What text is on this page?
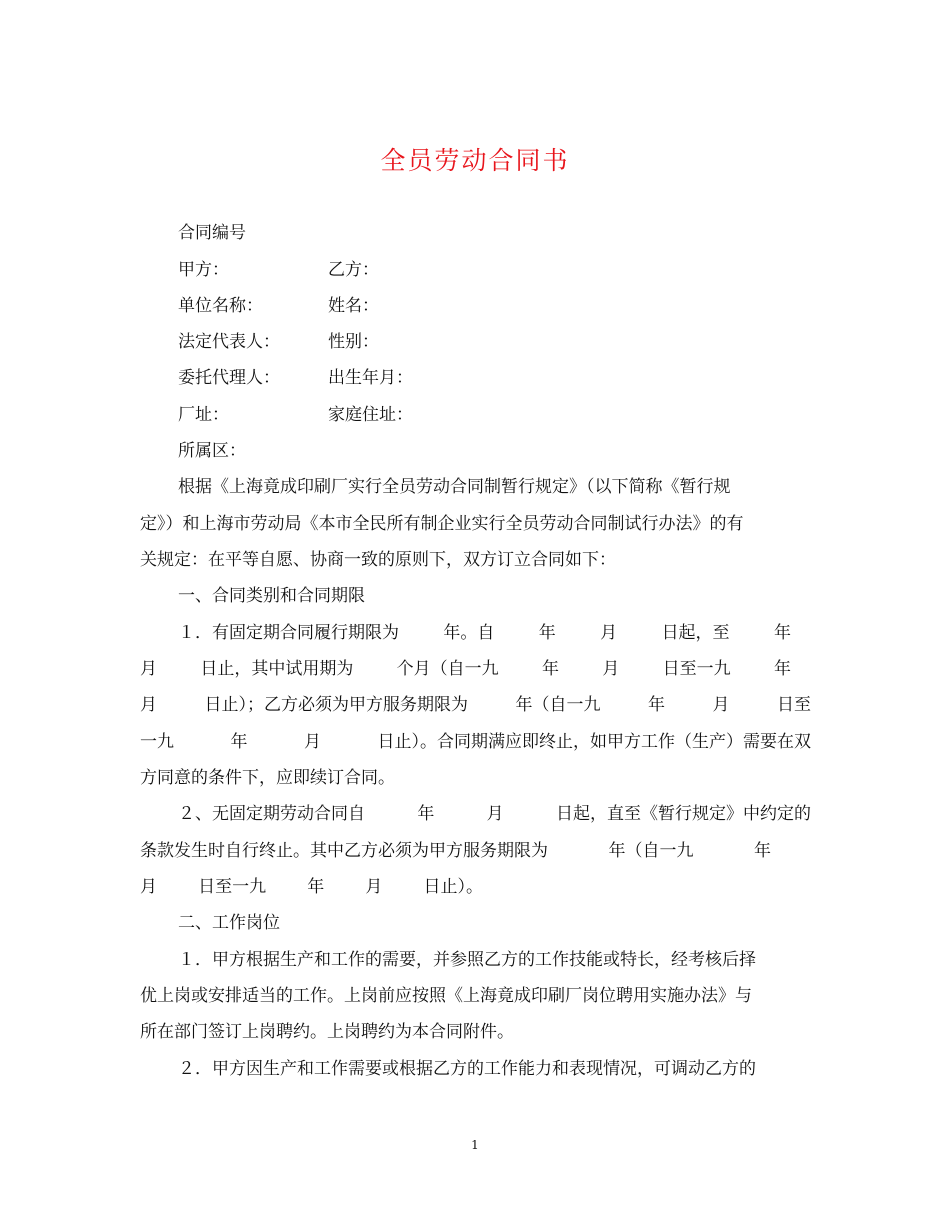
全员劳动合同书
合同编号
甲方：	乙方：
单位名称：	姓名：
法定代表人：	性别：
委托代理人：	出生年月：
厂址：	家庭住址：
所属区：
根据《上海竟成印刷厂实行全员劳动合同制暂行规定》（以下简称《暂行规
定》）和上海市劳动局《本市全民所有制企业实行全员劳动合同制试行办法》的有
关规定：在平等自愿、协商一致的原则下，双方订立合同如下：
一、合同类别和合同期限
１．有固定期合同履行期限为	年。自	年	月	日起，至	年
月	日止，其中试用期为	个月（自一九	年	月	日至一九	年
月	日止）；乙方必须为甲方服务期限为	年（自一九	年	月	日至
一九	年	月	日止）。合同期满应即终止，如甲方工作（生产）需要在双
方同意的条件下，应即续订合同。
２、无固定期劳动合同自	年	月	日起，直至《暂行规定》中约定的
条款发生时自行终止。其中乙方必须为甲方服务期限为	年（自一九	年
月 日至一九 年 月 日止）。
二、工作岗位
１．甲方根据生产和工作的需要，并参照乙方的工作技能或特长，经考核后择
优上岗或安排适当的工作。上岗前应按照《上海竟成印刷厂岗位聘用实施办法》与
所在部门签订上岗聘约。上岗聘约为本合同附件。
２．甲方因生产和工作需要或根据乙方的工作能力和表现情况，可调动乙方的
1
